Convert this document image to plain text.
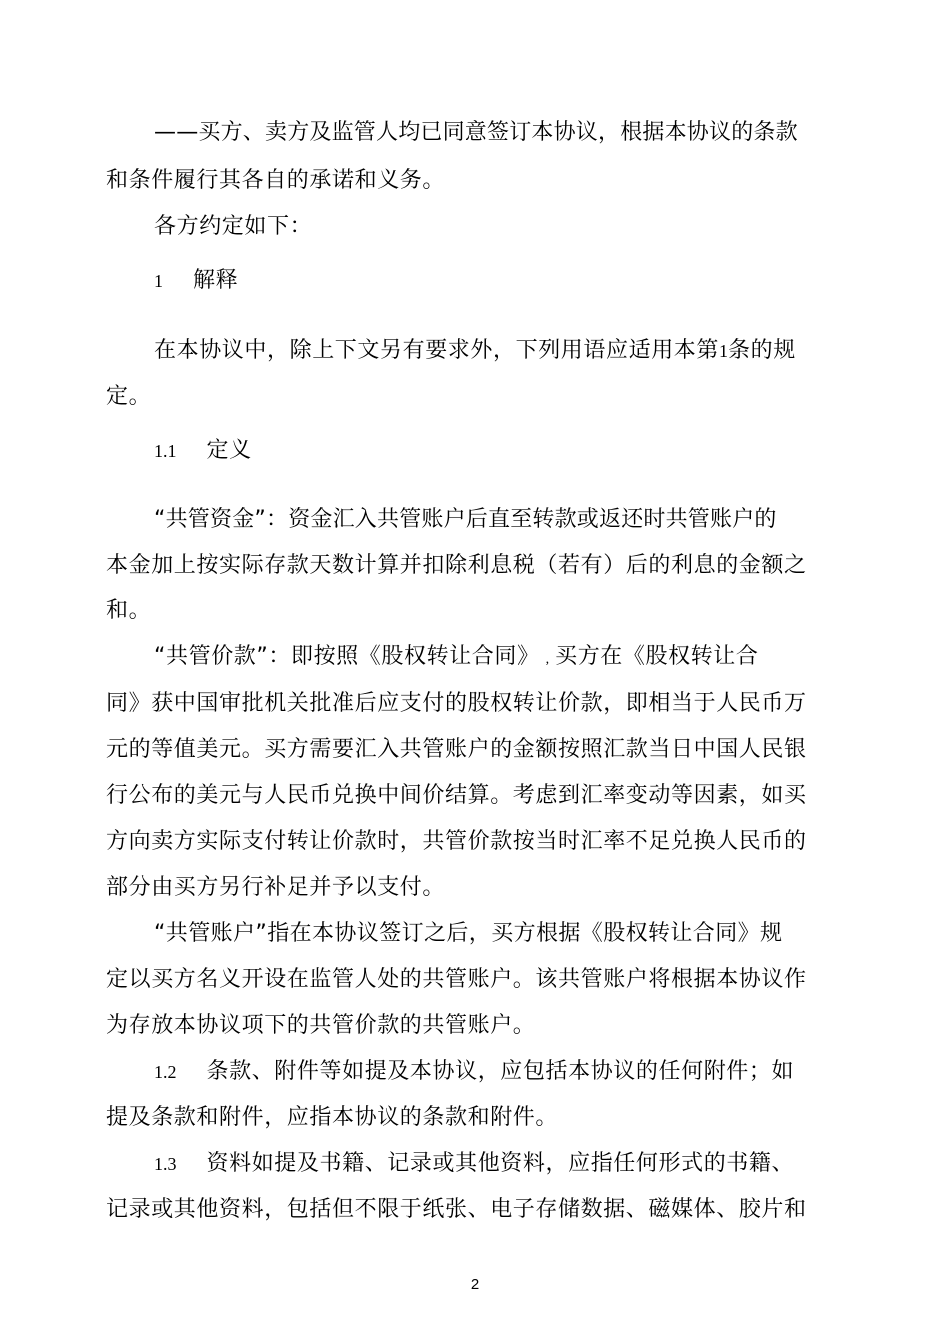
——买方、卖方及监管人均已同意签订本协议，根据本协议的条款
和条件履行其各自的承诺和义务。
各方约定如下：
1 解释
在本协议中，除上下文另有要求外，下列用语应适用本第1条的规
定。
1.1 定义
“共管资金”：资金汇入共管账户后直至转款或返还时共管账户的
本金加上按实际存款天数计算并扣除利息税（若有）后的利息的金额之
和。
“共管价款”：即按照《股权转让合同》 , 买方在《股权转让合
同》获中国审批机关批准后应支付的股权转让价款，即相当于人民币万
元的等值美元。买方需要汇入共管账户的金额按照汇款当日中国人民银
行公布的美元与人民币兑换中间价结算。考虑到汇率变动等因素，如买
方向卖方实际支付转让价款时，共管价款按当时汇率不足兑换人民币的
部分由买方另行补足并予以支付。
“共管账户”指在本协议签订之后，买方根据《股权转让合同》规
定以买方名义开设在监管人处的共管账户。该共管账户将根据本协议作
为存放本协议项下的共管价款的共管账户。
1.2 条款、附件等如提及本协议，应包括本协议的任何附件；如
提及条款和附件，应指本协议的条款和附件。
1.3 资料如提及书籍、记录或其他资料，应指任何形式的书籍、
记录或其他资料，包括但不限于纸张、电子存储数据、磁媒体、胶片和
2
